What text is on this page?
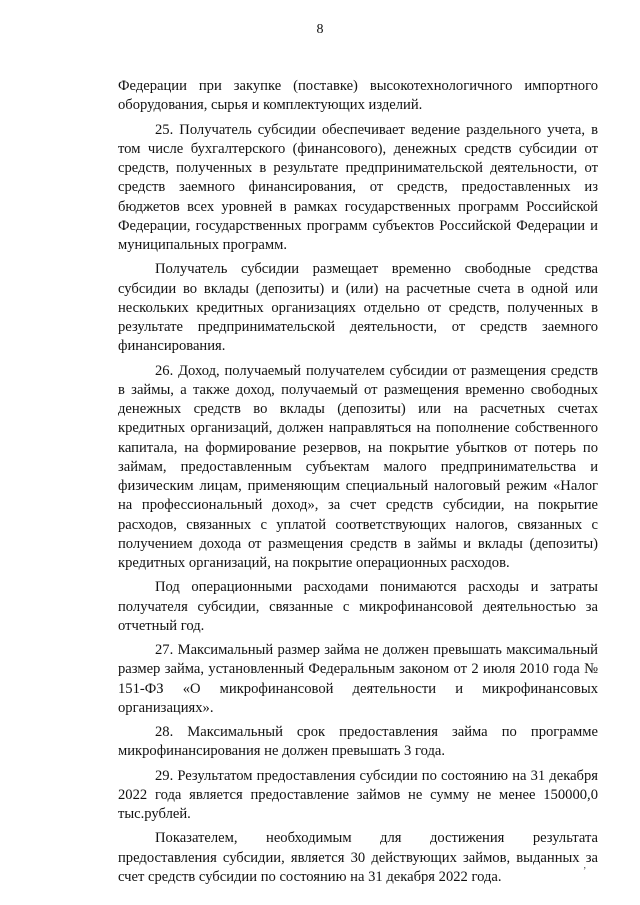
8

Федерации при закупке (поставке) высокотехнологичного импортного оборудования, сырья и комплектующих изделий.

25. Получатель субсидии обеспечивает ведение раздельного учета, в том числе бухгалтерского (финансового), денежных средств субсидии от средств, полученных в результате предпринимательской деятельности, от средств заемного финансирования, от средств, предоставленных из бюджетов всех уровней в рамках государственных программ Российской Федерации, государственных программ субъектов Российской Федерации и муниципальных программ.

Получатель субсидии размещает временно свободные средства субсидии во вклады (депозиты) и (или) на расчетные счета в одной или нескольких кредитных организациях отдельно от средств, полученных в результате предпринимательской деятельности, от средств заемного финансирования.

26. Доход, получаемый получателем субсидии от размещения средств в займы, а также доход, получаемый от размещения временно свободных денежных средств во вклады (депозиты) или на расчетных счетах кредитных организаций, должен направляться на пополнение собственного капитала, на формирование резервов, на покрытие убытков от потерь по займам, предоставленным субъектам малого предпринимательства и физическим лицам, применяющим специальный налоговый режим «Налог на профессиональный доход», за счет средств субсидии, на покрытие расходов, связанных с уплатой соответствующих налогов, связанных с получением дохода от размещения средств в займы и вклады (депозиты) кредитных организаций, на покрытие операционных расходов.

Под операционными расходами понимаются расходы и затраты получателя субсидии, связанные с микрофинансовой деятельностью за отчетный год.

27. Максимальный размер займа не должен превышать максимальный размер займа, установленный Федеральным законом от 2 июля 2010 года № 151-ФЗ «О микрофинансовой деятельности и микрофинансовых организациях».

28. Максимальный срок предоставления займа по программе микрофинансирования не должен превышать 3 года.

29. Результатом предоставления субсидии по состоянию на 31 декабря 2022 года является предоставление займов не сумму не менее 150000,0 тыс.рублей.

Показателем, необходимым для достижения результата предоставления субсидии, является 30 действующих займов, выданных за счет средств субсидии по состоянию на 31 декабря 2022 года.	’
